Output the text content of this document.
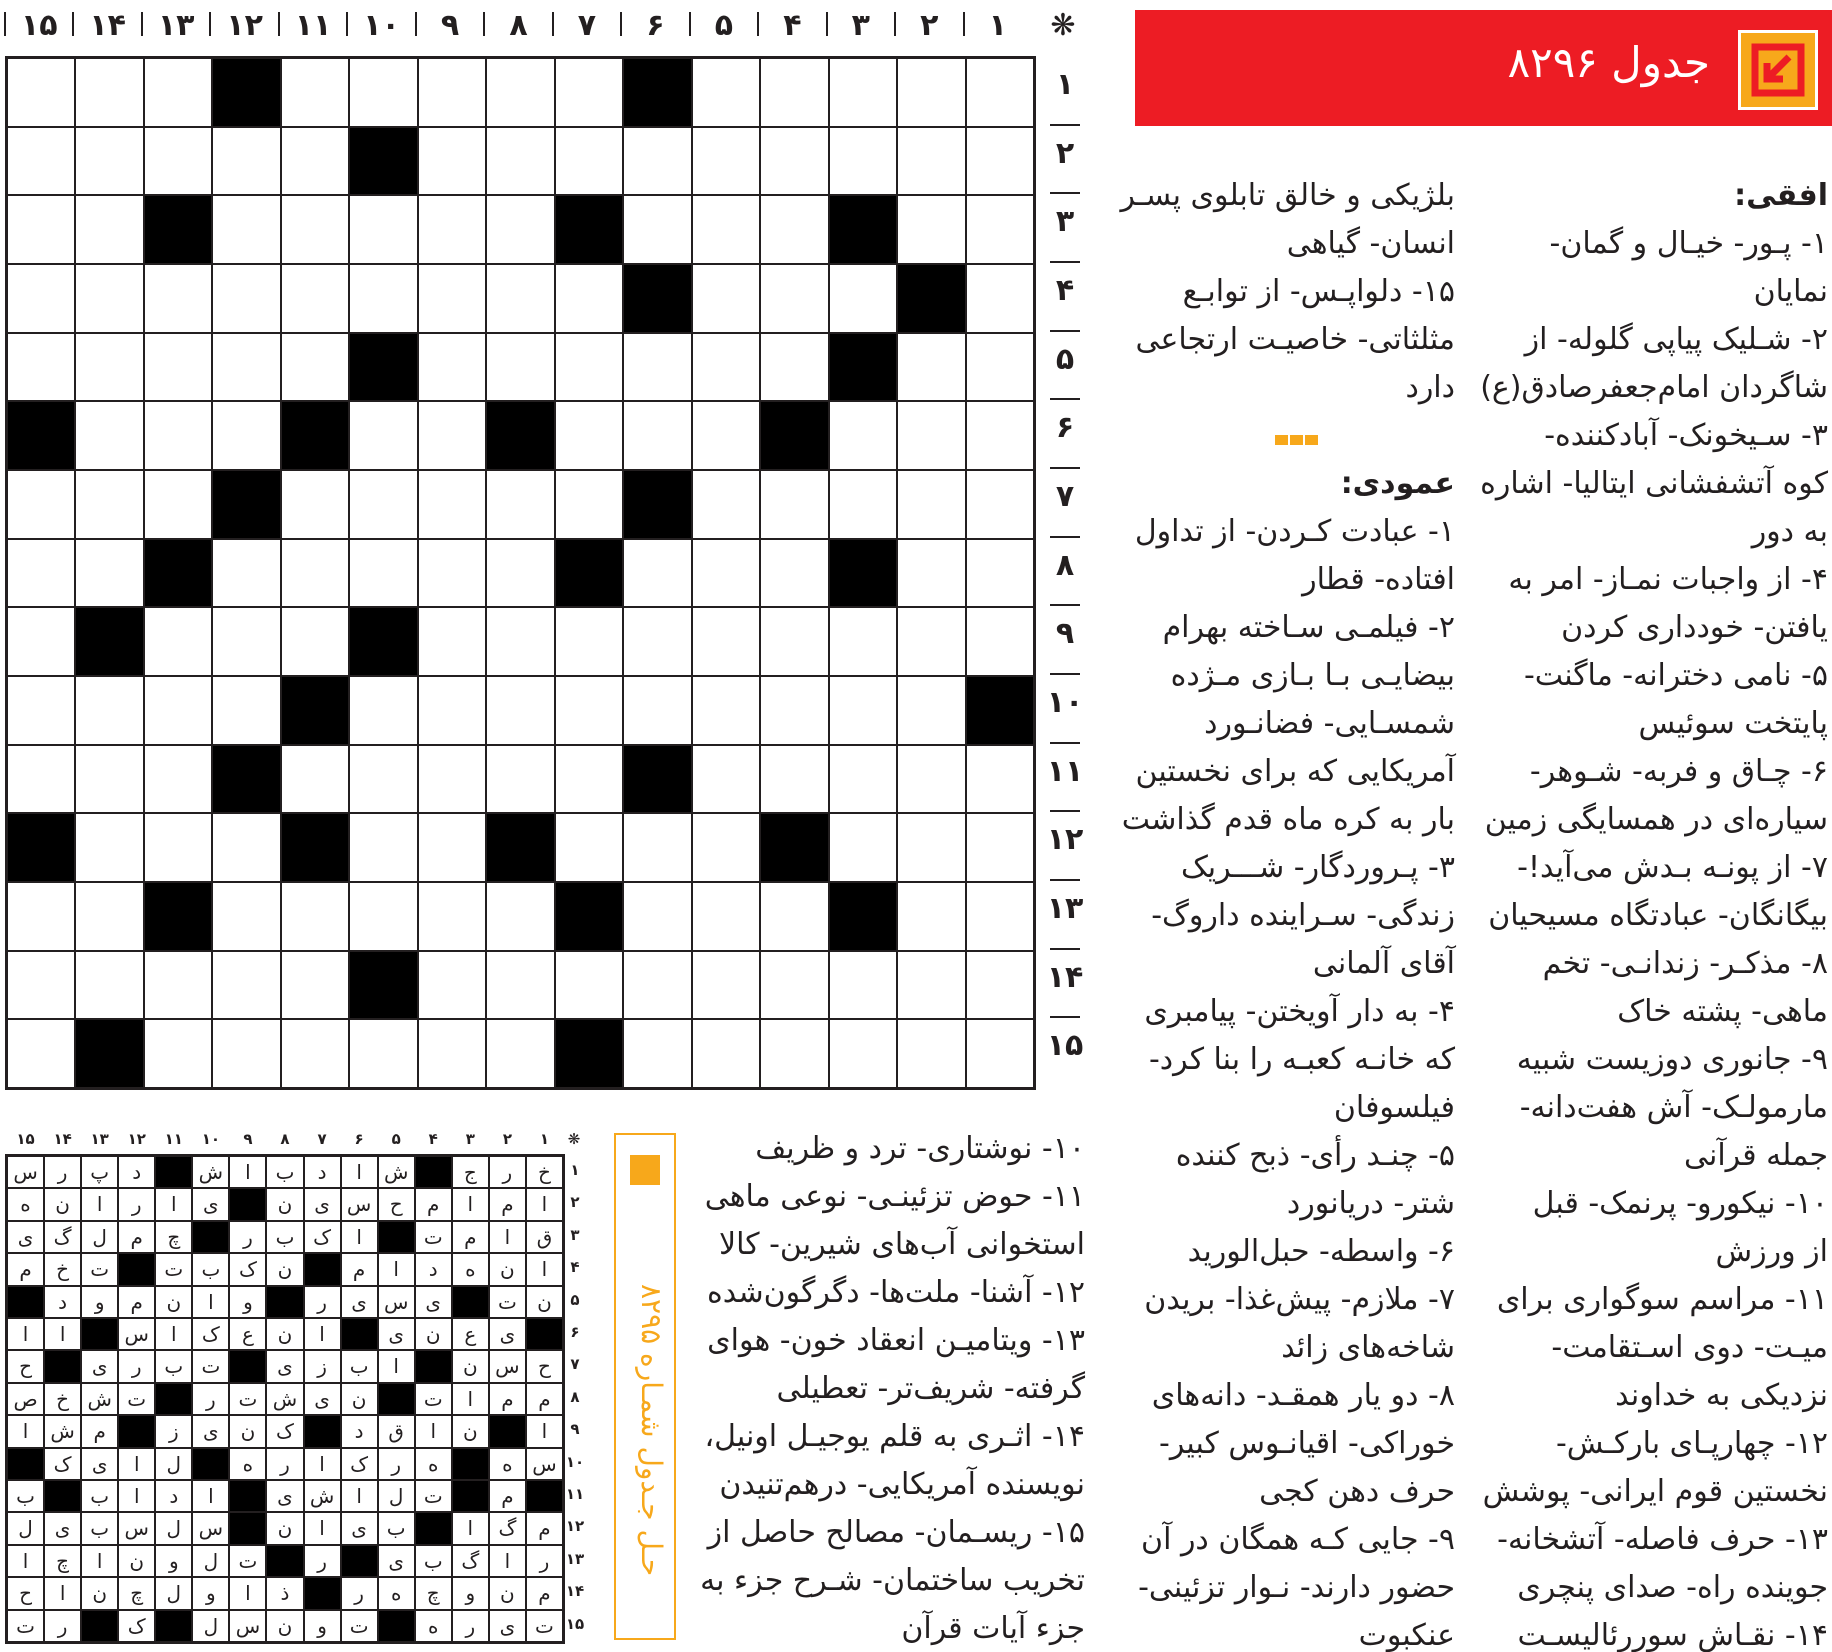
جدول ۸۲۹۶
۱
۲
۳
۴
۵
۶
۷
۸
۹
۱۰
۱۱
۱۲
۱۳
۱۴
۱۵	❋
۱
۲
۳
۴
۵
۶
۷
۸
۹
۱۰
۱۱
۱۲
۱۳
۱۴
۱۵
افقی:
۱- پـور- خیـال و گمان-
نمایان
۲- شـلیک پیاپی گلوله- از
شاگردان امام‌جعفرصادق(ع)
۳- سـیخونک- آبادکننده-
کوه آتشفشانی ایتالیا- اشاره
به دور
۴- از واجبات نمـاز- امر به
یافتن- خودداری کردن
۵- نامی دخترانه- ماگنت-
پایتخت سوئیس
۶- چـاق و فربه- شـوهر-
سیاره‌ای در همسایگی زمین
۷- از پونـه بـدش می‌آید!-
بیگانگان- عبادتگاه مسیحیان
۸- مذکـر- زندانـی- تخم
ماهی- پشته خاک
۹- جانوری دوزیست شبیه
مارمولـک- آش هفت‌دانه-
جمله قرآنی
۱۰- نیکورو- پرنمک- قبل
از ورزش
۱۱- مراسم سوگواری برای
میـت- دوی اسـتقامت-
نزدیکی به خداوند
۱۲- چهارپـای بارکـش-
نخستین قوم ایرانی- پوشش
۱۳- حرف فاصله- آتشخانه-
جوینده راه- صدای پنچری
۱۴- نقـاش سوررئالیسـت
بلژیکی و خالق تابلوی پسـر
انسان- گیاهی
۱۵- دلواپـس- از توابـع
مثلثاتی- خاصیـت ارتجاعی
دارد
عمودی:
۱- عبادت کـردن- از تداول
افتاده- قطار
۲- فیلمـی سـاخته بهرام
بیضایـی بـا بـازی مـژده
شمسـایی- فضانـورد
آمریکایی که برای نخستین
بار به کره ماه قدم گذاشت
۳- پـروردگار- شـــریک
زندگی- سـراینده داروگ-
آقای آلمانی
۴- به دار آویختن- پیامبری
که خانـه کعبـه را بنا کرد-
فیلسوفان
۵- چنـد رأی- ذبح کننده
شتر- دریانورد
۶- واسطه- حبل‌الورید
۷- ملازم- پیش‌غذا- بریدن
شاخه‌های زائد
۸- دو یار همقـد- دانه‌های
خوراکی- اقیانـوس کبیر-
حرف دهن کجی
۹- جایی کـه همگان در آن
حضور دارند- نـوار تزئینی-
عنکبوت
۱۰- نوشتاری- ترد و ظریف
۱۱- حوض تزئینـی- نوعی ماهی
استخوانی آب‌های شیرین- کالا
۱۲- آشنا- ملت‌ها- دگرگون‌شده
۱۳- ویتامیـن انعقاد خون- هوای
گرفته- شریف‌تر- تعطیلی
۱۴- اثـری به قلم یوجیـل اونیل،
نویسنده آمریکایی- درهم‌تنیدن
۱۵- ریسـمان- مصالح حاصل از
تخریب ساختمان- شـرح جزء به
جزء آیات قرآن
حـل جـدول شمـاره ۸۲۹۵
۱
۲
۳
۴
۵
۶
۷
۸
۹
۱۰
۱۱
۱۲
۱۳
۱۴
۱۵	❋
خ
ر
ج
ش
ا
د
ب
ا
ش
د
پ
ر
س
ا
م
ا
م
ح
س
ی
ن
ی
ا
ر
ا
ن
ه
ق
ا
م
ت
ا
ک
ب
ر
چ
م
ل
گ
ی
ا
ن
ه
د
ا
م
ن
ک
ب
ت
ت
خ
م
ن
ت
ی
س
ی
ر
و
ا
ن
م
و
د
ی
ع
ن
ی
ا
ن
ع
ک
ا
س
ا
ا
ح
س
ن
ا
ب
ز
ی
ت
ب
ر
ی
ح
م
م
ا
ت
ن
ی
ش
ت
ر
ت
ش
خ
ص
ا
ن
ا
ق
د
ک
ن
ی
ز
م
ش
ا
س
ه
ه
ر
ک
ا
ر
ه
ل
ا
ی
ک
م
ت
ل
ا
ش
ی
ا
د
ا
ب
ب
م
گ
ا
ب
ی
ا
ن
س
ل
س
ب
ی
ل
ر
ا
گ
ب
ی
ر
ت
ل
و
ن
ا
چ
ا
م
ن
و
چ
ه
ر
ذ
ا
و
ل
چ
ن
ا
ح
ت
ی
ر
ه
ت
و
ن
س
ل
ک
ر
ت
۱
۲
۳
۴
۵
۶
۷
۸
۹
۱۰
۱۱
۱۲
۱۳
۱۴
۱۵
